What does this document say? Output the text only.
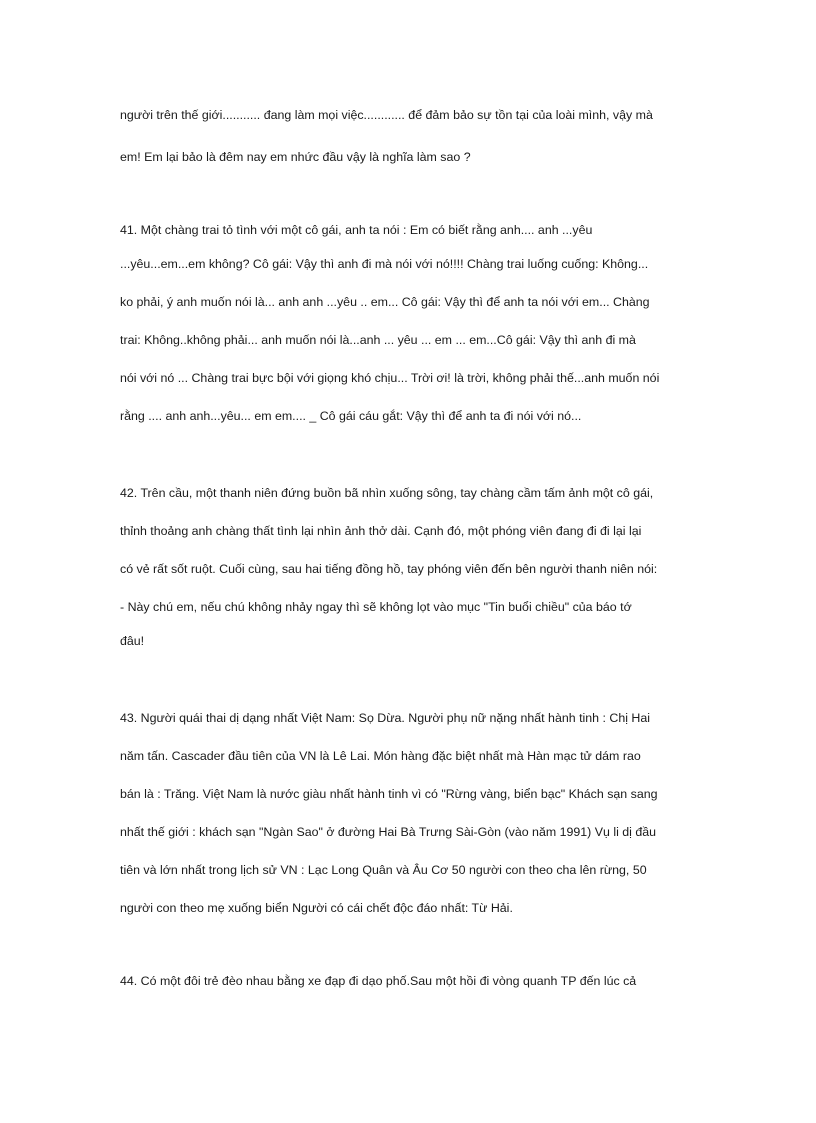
người trên thế giới........... đang làm mọi việc............ để đảm bảo sự tồn tại của loài mình, vậy mà
em! Em lại bảo là đêm nay em nhức đầu vậy là nghĩa làm sao ?
41. Một chàng trai tỏ tình với một cô gái, anh ta nói : Em có biết rằng anh.... anh ...yêu
...yêu...em...em không? Cô gái: Vậy thì anh đi mà nói với nó!!!! Chàng trai luống cuống: Không...
ko phải, ý anh muốn nói là... anh anh ...yêu .. em... Cô gái: Vậy thì để anh ta nói với em... Chàng
trai: Không..không phải... anh muốn nói là...anh ... yêu ... em ... em...Cô gái: Vậy thì anh đi mà
nói với nó ... Chàng trai bực bội với giọng khó chịu... Trời ơi! là trời, không phải thế...anh muốn nói
rằng .... anh anh...yêu... em em.... _ Cô gái cáu gắt: Vậy thì để anh ta đi nói với nó...
42. Trên cầu, một thanh niên đứng buồn bã nhìn xuống sông, tay chàng cầm tấm ảnh một cô gái,
thỉnh thoảng anh chàng thất tình lại nhìn ảnh thở dài. Cạnh đó, một phóng viên đang đi đi lại lại
có vẻ rất sốt ruột. Cuối cùng, sau hai tiếng đồng hồ, tay phóng viên đến bên người thanh niên nói:
- Này chú em, nếu chú không nhảy ngay thì sẽ không lọt vào mục "Tin buổi chiều" của báo tớ
đâu!
43. Người quái thai dị dạng nhất Việt Nam: Sọ Dừa. Người phụ nữ nặng nhất hành tinh : Chị Hai
năm tấn. Cascader đầu tiên của VN là Lê Lai. Món hàng đặc biệt nhất mà Hàn mạc tử dám rao
bán là : Trăng. Việt Nam là nước giàu nhất hành tinh vì có "Rừng vàng, biển bạc" Khách sạn sang
nhất thế giới : khách sạn "Ngàn Sao" ở đường Hai Bà Trưng Sài-Gòn (vào năm 1991) Vụ li dị đầu
tiên và lớn nhất trong lịch sử VN : Lạc Long Quân và Âu Cơ 50 người con theo cha lên rừng, 50
người con theo mẹ xuống biển Người có cái chết độc đáo nhất: Từ Hải.
44. Có một đôi trẻ đèo nhau bằng xe đạp đi dạo phố.Sau một hồi đi vòng quanh TP đến lúc cả
